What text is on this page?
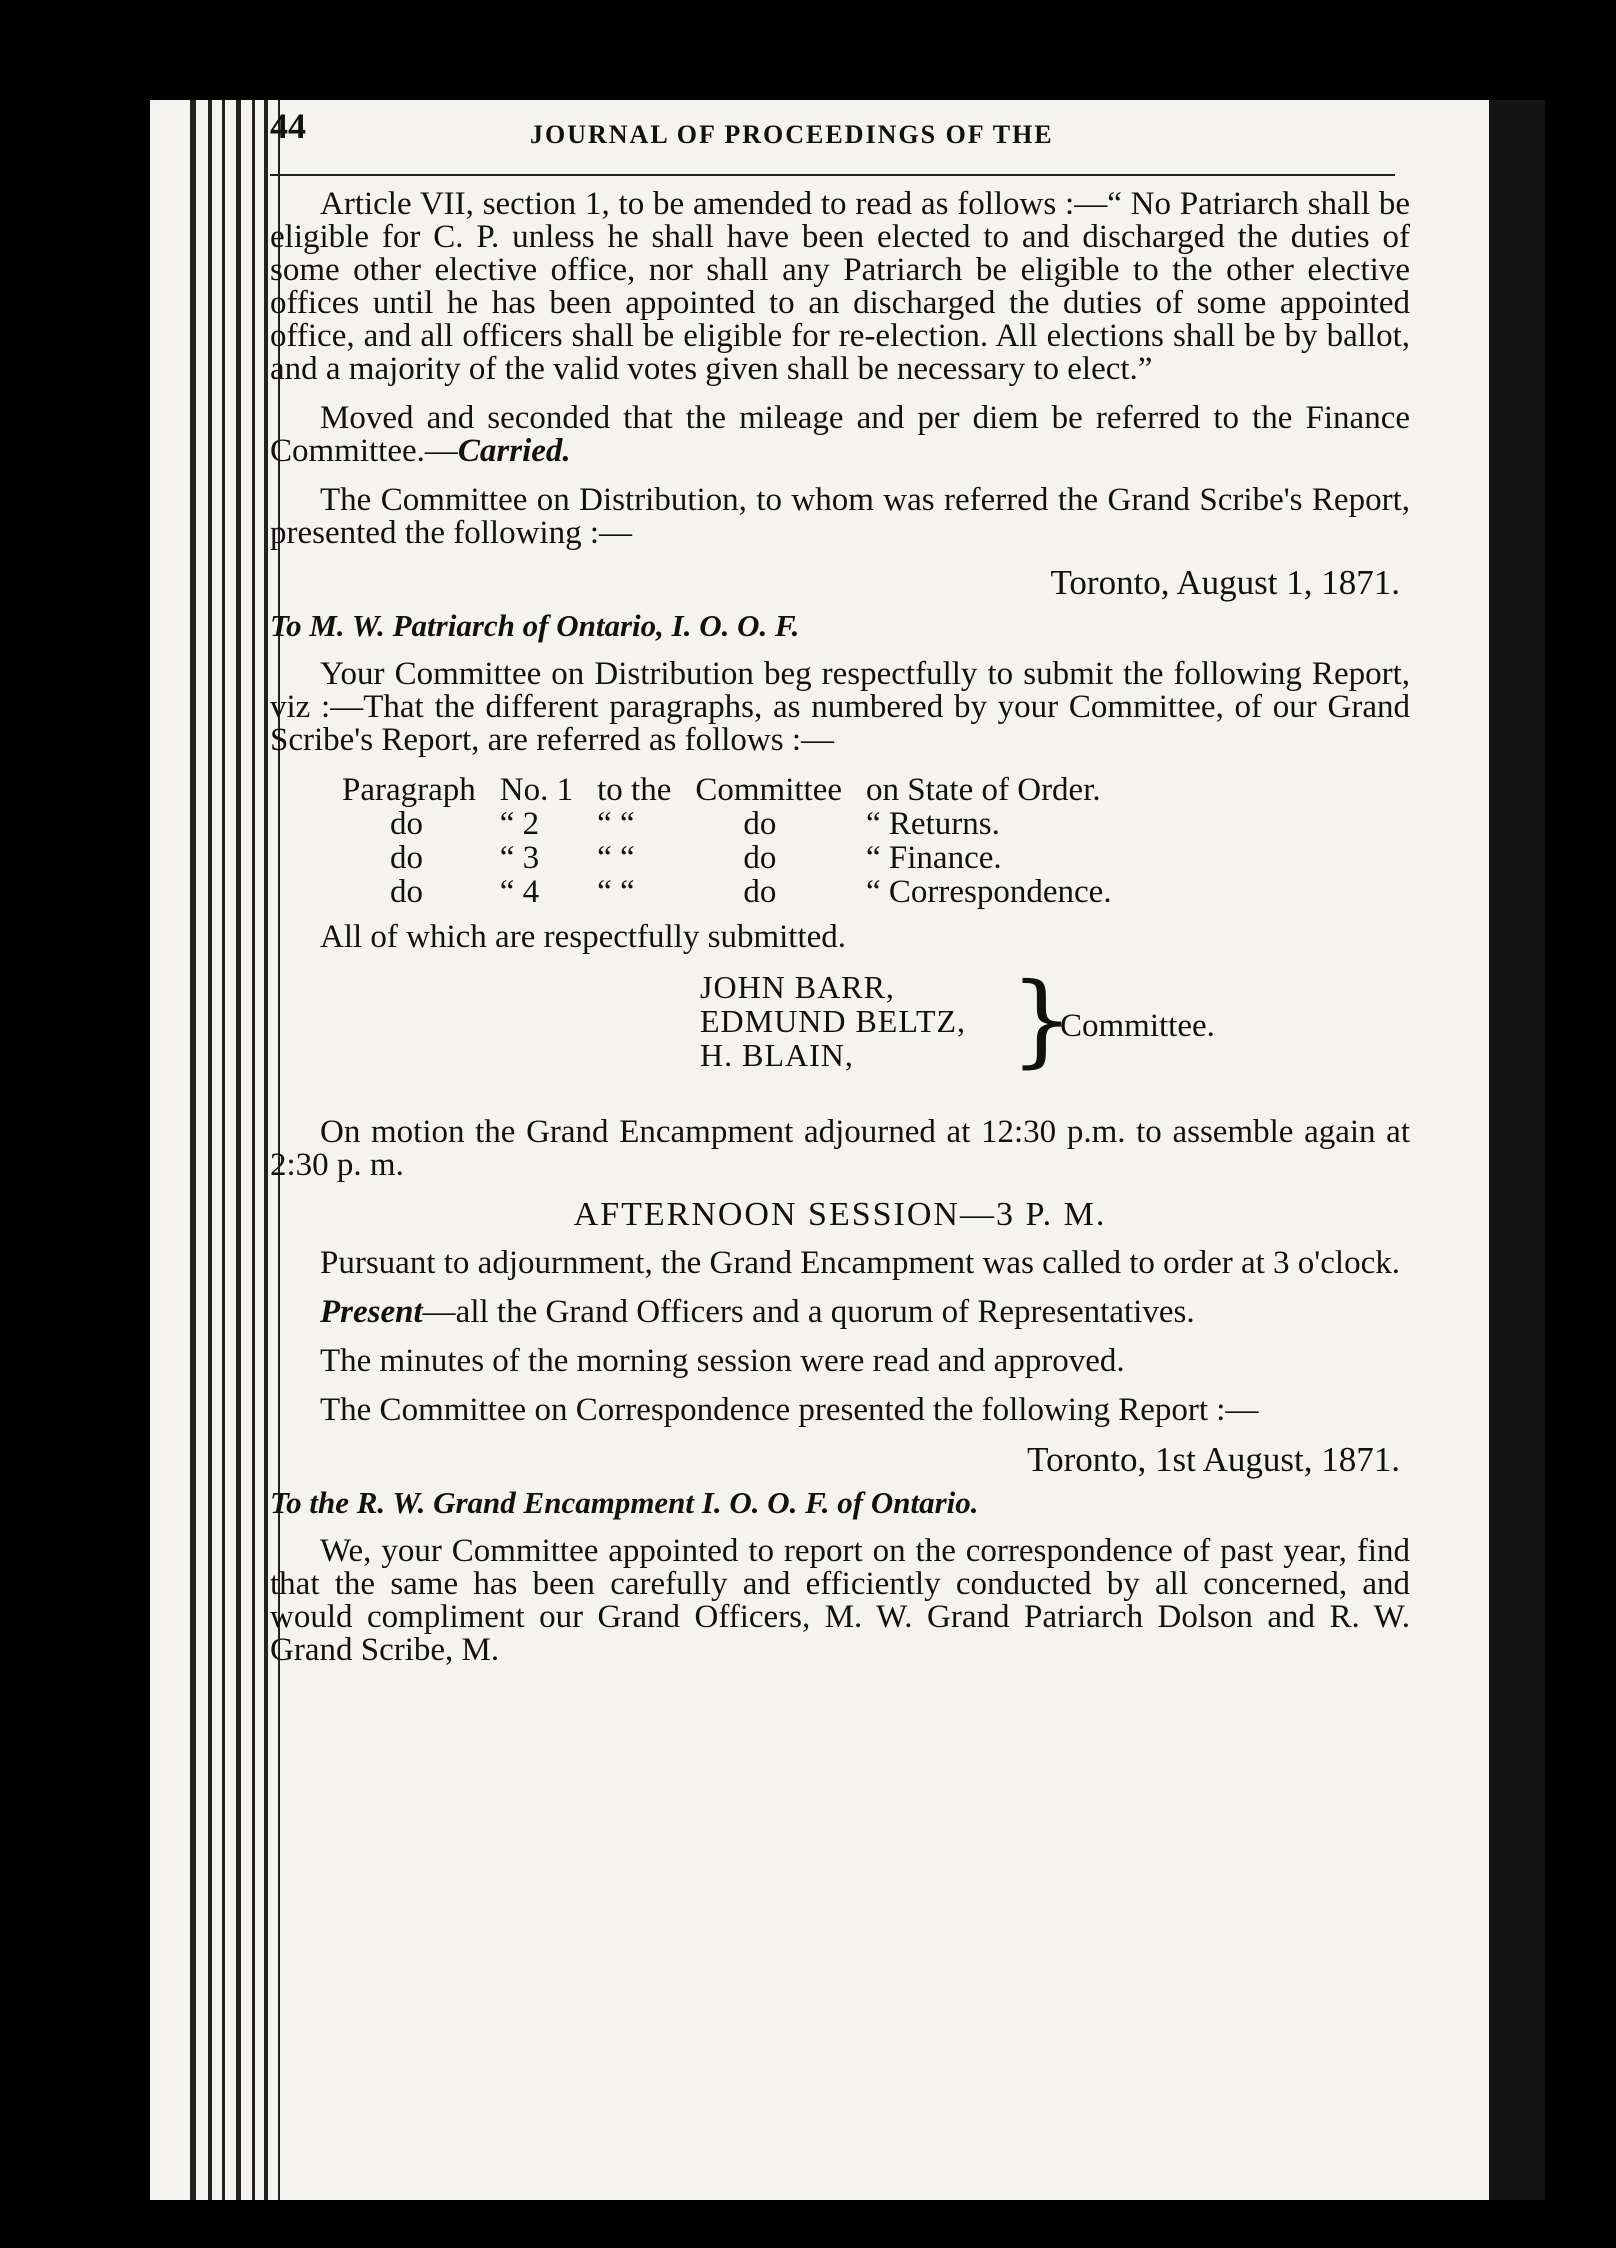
44	JOURNAL OF PROCEEDINGS OF THE

Article VII, section 1, to be amended to read as follows :—“ No Patriarch shall be eligible for C. P. unless he shall have been elected to and discharged the duties of some other elective office, nor shall any Patriarch be eligible to the other elective offices until he has been appointed to an discharged the duties of some appointed office, and all officers shall be eligible for re-election. All elections shall be by ballot, and a majority of the valid votes given shall be necessary to elect.”

Moved and seconded that the mileage and per diem be referred to the Finance Committee.—Carried.

The Committee on Distribution, to whom was referred the Grand Scribe's Report, presented the following :—

Toronto, August 1, 1871.
To M. W. Patriarch of Ontario, I. O. O. F.

Your Committee on Distribution beg respectfully to submit the following Report, viz :—That the different paragraphs, as numbered by your Committee, of our Grand Scribe's Report, are referred as follows :—

Paragraph	No. 1	to the	Committee	on State of Order.
do	“ 2	“ “	do	“ Returns.
do	“ 3	“ “	do	“ Finance.
do	“ 4	“ “	do	“ Correspondence.

All of which are respectfully submitted.

JOHN BARR,
EDMUND BELTZ,
H. BLAIN,	}
Committee.

On motion the Grand Encampment adjourned at 12:30 p.m. to assemble again at 2:30 p. m.

AFTERNOON SESSION—3 P. M.

Pursuant to adjournment, the Grand Encampment was called to order at 3 o'clock.

Present—all the Grand Officers and a quorum of Representatives.

The minutes of the morning session were read and approved.

The Committee on Correspondence presented the following Report :—

Toronto, 1st August, 1871.
To the R. W. Grand Encampment I. O. O. F. of Ontario.

We, your Committee appointed to report on the correspondence of past year, find that the same has been carefully and efficiently conducted by all concerned, and would compliment our Grand Officers, M. W. Grand Patriarch Dolson and R. W. Grand Scribe, M.
